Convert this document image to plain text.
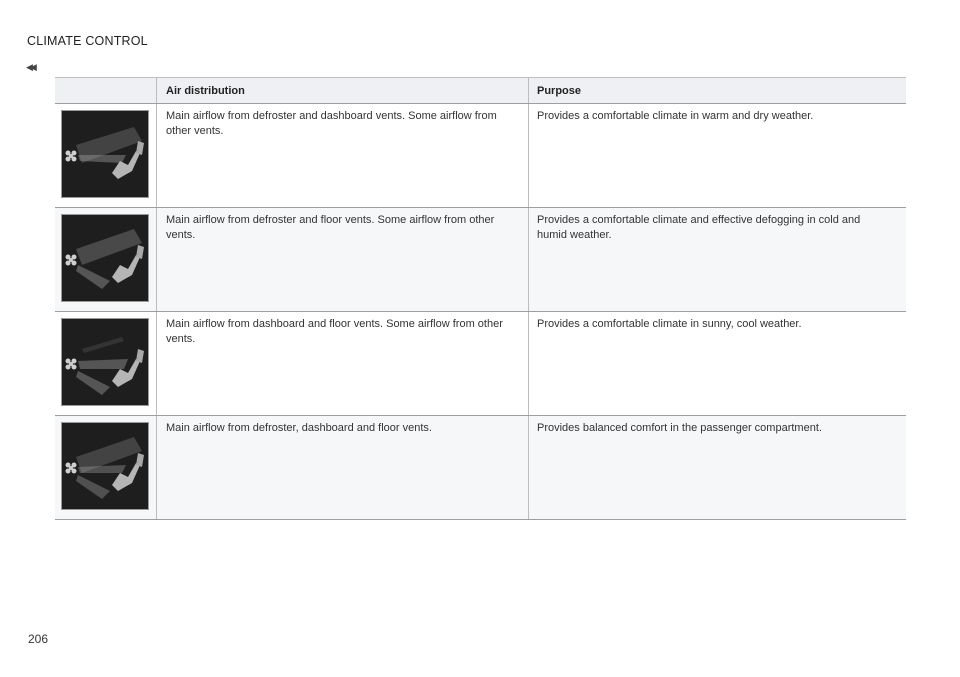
CLIMATE CONTROL
◀◀
Air distribution	Purpose
Main airflow from defroster and dashboard vents. Some airflow from other vents.
Provides a comfortable climate in warm and dry weather.
Main airflow from defroster and floor vents. Some airflow from other vents.
Provides a comfortable climate and effective defogging in cold and humid weather.
Main airflow from dashboard and floor vents. Some airflow from other vents.
Provides a comfortable climate in sunny, cool weather.
Main airflow from defroster, dashboard and floor vents.	Provides balanced comfort in the passenger compartment.
206
